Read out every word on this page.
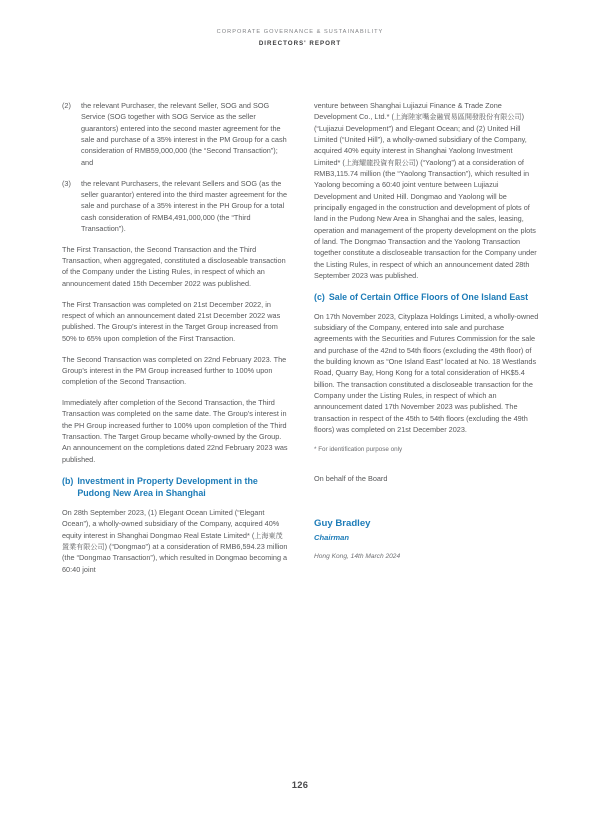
CORPORATE GOVERNANCE & SUSTAINABILITY
DIRECTORS' REPORT
(2)	the relevant Purchaser, the relevant Seller, SOG and SOG Service (SOG together with SOG Service as the seller guarantors) entered into the second master agreement for the sale and purchase of a 35% interest in the PM Group for a cash consideration of RMB59,000,000 (the “Second Transaction”); and
(3)	the relevant Purchasers, the relevant Sellers and SOG (as the seller guarantor) entered into the third master agreement for the sale and purchase of a 35% interest in the PH Group for a total cash consideration of RMB4,491,000,000 (the “Third Transaction”).

The First Transaction, the Second Transaction and the Third Transaction, when aggregated, constituted a discloseable transaction of the Company under the Listing Rules, in respect of which an announcement dated 15th December 2022 was published.

The First Transaction was completed on 21st December 2022, in respect of which an announcement dated 21st December 2022 was published. The Group’s interest in the Target Group increased from 50% to 65% upon completion of the First Transaction.

The Second Transaction was completed on 22nd February 2023. The Group’s interest in the PM Group increased further to 100% upon completion of the Second Transaction.

Immediately after completion of the Second Transaction, the Third Transaction was completed on the same date. The Group’s interest in the PH Group increased further to 100% upon completion of the Third Transaction. The Target Group became wholly-owned by the Group. An announcement on the completions dated 22nd February 2023 was published.

(b) Investment in Property Development in the Pudong New Area in Shanghai

On 28th September 2023, (1) Elegant Ocean Limited (“Elegant Ocean”), a wholly-owned subsidiary of the Company, acquired 40% equity interest in Shanghai Dongmao Real Estate Limited* (上海東茂置業有限公司) (“Dongmao”) at a consideration of RMB6,594.23 million (the “Dongmao Transaction”), which resulted in Dongmao becoming a 60:40 joint

venture between Shanghai Lujiazui Finance & Trade Zone Development Co., Ltd.* (上海陸家嘴金融貿易區開發股份有限公司) (“Lujiazui Development”) and Elegant Ocean; and (2) United Hill Limited (“United Hill”), a wholly-owned subsidiary of the Company, acquired 40% equity interest in Shanghai Yaolong Investment Limited* (上海耀龍投資有限公司) (“Yaolong”) at a consideration of RMB3,115.74 million (the “Yaolong Transaction”), which resulted in Yaolong becoming a 60:40 joint venture between Lujiazui Development and United Hill. Dongmao and Yaolong will be principally engaged in the construction and development of plots of land in the Pudong New Area in Shanghai and the sales, leasing, operation and management of the property development on the plots of land. The Dongmao Transaction and the Yaolong Transaction together constitute a discloseable transaction for the Company under the Listing Rules, in respect of which an announcement dated 28th September 2023 was published.

(c) Sale of Certain Office Floors of One Island East

On 17th November 2023, Cityplaza Holdings Limited, a wholly-owned subsidiary of the Company, entered into sale and purchase agreements with the Securities and Futures Commission for the sale and purchase of the 42nd to 54th floors (excluding the 49th floor) of the building known as “One Island East” located at No. 18 Westlands Road, Quarry Bay, Hong Kong for a total consideration of HK$5.4 billion. The transaction constituted a discloseable transaction for the Company under the Listing Rules, in respect of which an announcement dated 17th November 2023 was published. The transaction in respect of the 45th to 54th floors (excluding the 49th floors) was completed on 21st December 2023.

* For identification purpose only

On behalf of the Board

Guy Bradley
Chairman
Hong Kong, 14th March 2024
126
